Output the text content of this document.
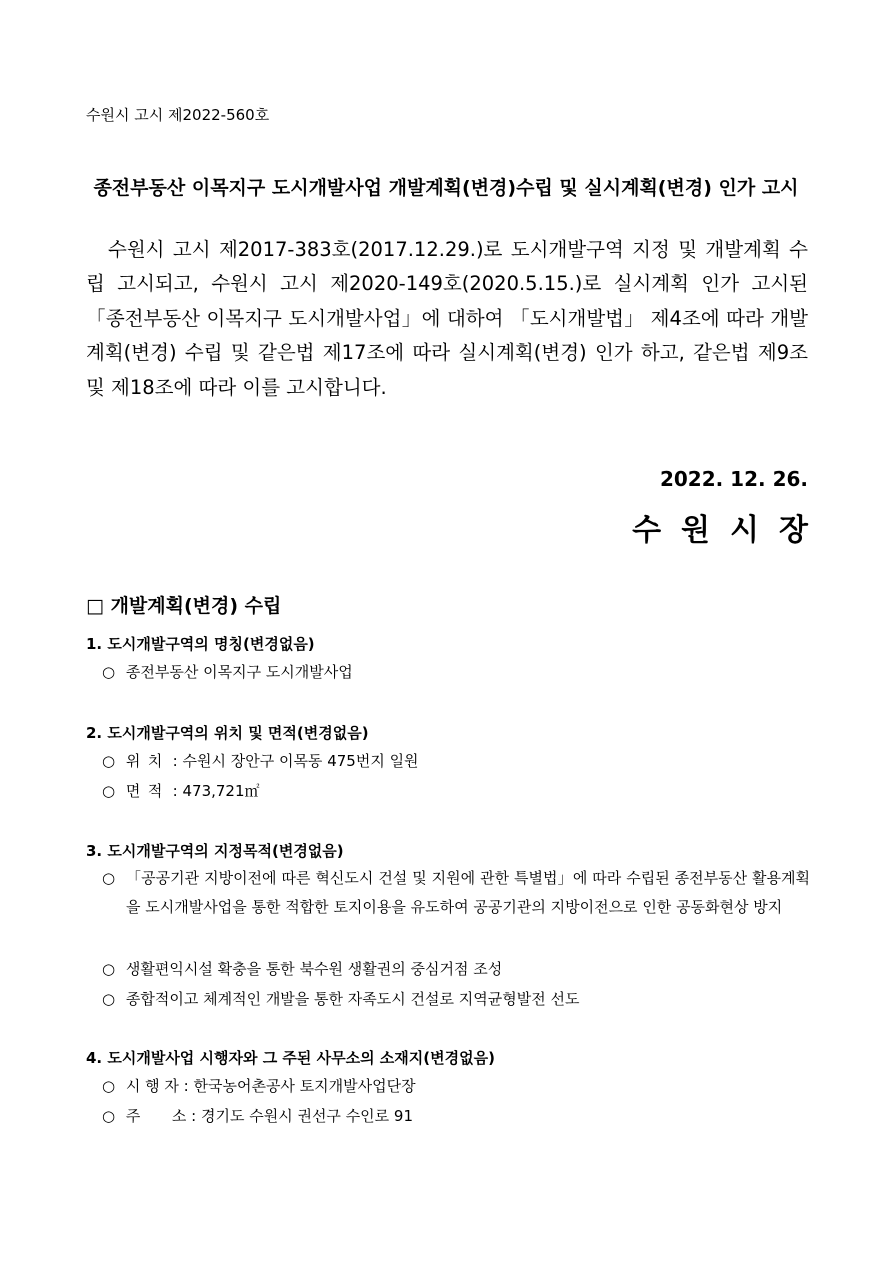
수원시 고시 제2022-560호
종전부동산 이목지구 도시개발사업 개발계획(변경)수립 및 실시계획(변경) 인가 고시

수원시 고시 제2017-383호(2017.12.29.)로 도시개발구역 지정 및 개발계획 수립 고시되고, 수원시 고시 제2020-149호(2020.5.15.)로 실시계획 인가 고시된 「종전부동산 이목지구 도시개발사업」에 대하여 「도시개발법」 제4조에 따라 개발계획(변경) 수립 및 같은법 제17조에 따라 실시계획(변경) 인가 하고, 같은법 제9조 및 제18조에 따라 이를 고시합니다.

2022. 12. 26.
수원시장
□ 개발계획(변경) 수립
1. 도시개발구역의 명칭(변경없음)
○ 종전부동산 이목지구 도시개발사업
2. 도시개발구역의 위치 및 면적(변경없음)
○ 위 치 : 수원시 장안구 이목동 475번지 일원
○ 면 적 : 473,721㎡
3. 도시개발구역의 지정목적(변경없음)
○ 「공공기관 지방이전에 따른 혁신도시 건설 및 지원에 관한 특별법」에 따라 수립된 종전부동산 활용계획을 도시개발사업을 통한 적합한 토지이용을 유도하여 공공기관의 지방이전으로 인한 공동화현상 방지
○ 생활편익시설 확충을 통한 북수원 생활권의 중심거점 조성
○ 종합적이고 체계적인 개발을 통한 자족도시 건설로 지역균형발전 선도
4. 도시개발사업 시행자와 그 주된 사무소의 소재지(변경없음)
○ 시 행 자 : 한국농어촌공사 토지개발사업단장
○ 주 소 : 경기도 수원시 권선구 수인로 91
